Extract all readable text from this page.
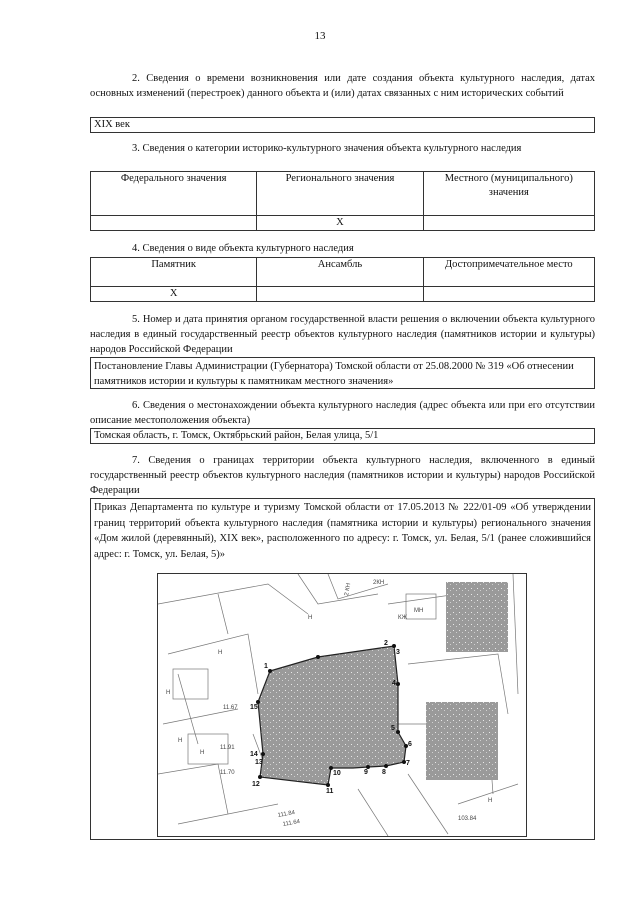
13
2. Сведения о времени возникновения или дате создания объекта культурного наследия, датах основных изменений (перестроек) данного объекта и (или) датах связанных с ним исторических событий
XIX век
3. Сведения о категории историко-культурного значения объекта культурного наследия
Федерального значения	Регионального значения	Местного (муниципального) значения
	X	
4. Сведения о виде объекта культурного наследия
Памятник	Ансамбль	Достопримечательное место
X		
5. Номер и дата принятия органом государственной власти решения о включении объекта культурного наследия в единый государственный реестр объектов культурного наследия (памятников истории и культуры) народов Российской Федерации
Постановление Главы Администрации (Губернатора) Томской области от 25.08.2000 № 319 «Об отнесении памятников истории и культуры к памятникам местного значения»
6. Сведения о местонахождении объекта культурного наследия (адрес объекта или при его отсутствии описание местоположения объекта)
Томская область, г. Томск, Октябрьский район, Белая улица, 5/1
7. Сведения о границах территории объекта культурного наследия, включенного в единый государственный реестр объектов культурного наследия (памятников истории и культуры) народов Российской Федерации
Приказ Департамента по культуре и туризму Томской области от 17.05.2013 № 222/01-09 «Об утверждении границ территорий объекта культурного наследия (памятника истории и культуры) регионального значения «Дом жилой (деревянный), XIX век», расположенного по адресу: г. Томск, ул. Белая, 5/1 (ранее сложившийся адрес: г. Томск, ул. Белая, 5)»
1
2
3
4
5
6
7
8
9
10
11
12
13
14
15
2 КН	2КН
КЖ
МН
Н
Н
Н
Н
Н
Н
11.67
11.91
11.70
111.84
111.64
103.84
